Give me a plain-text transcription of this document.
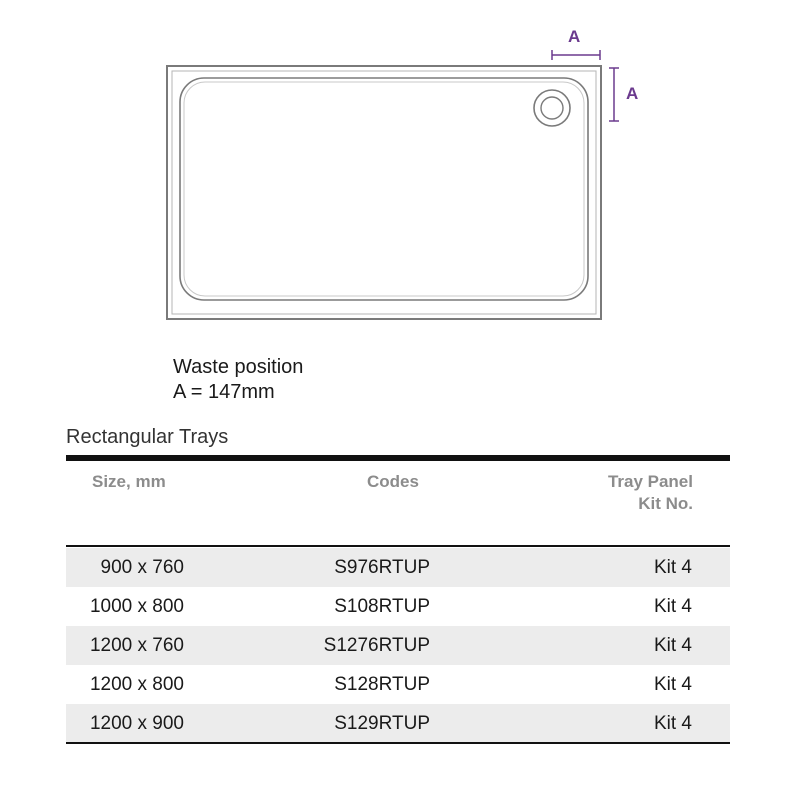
A
A
Waste position
A = 147mm
Rectangular Trays
Size, mm	Codes	Tray Panel
Kit No.
900 x 760	S976RTUP	Kit 4
1000 x 800	S108RTUP	Kit 4
1200 x 760	S1276RTUP	Kit 4
1200 x 800	S128RTUP	Kit 4
1200 x 900	S129RTUP	Kit 4
